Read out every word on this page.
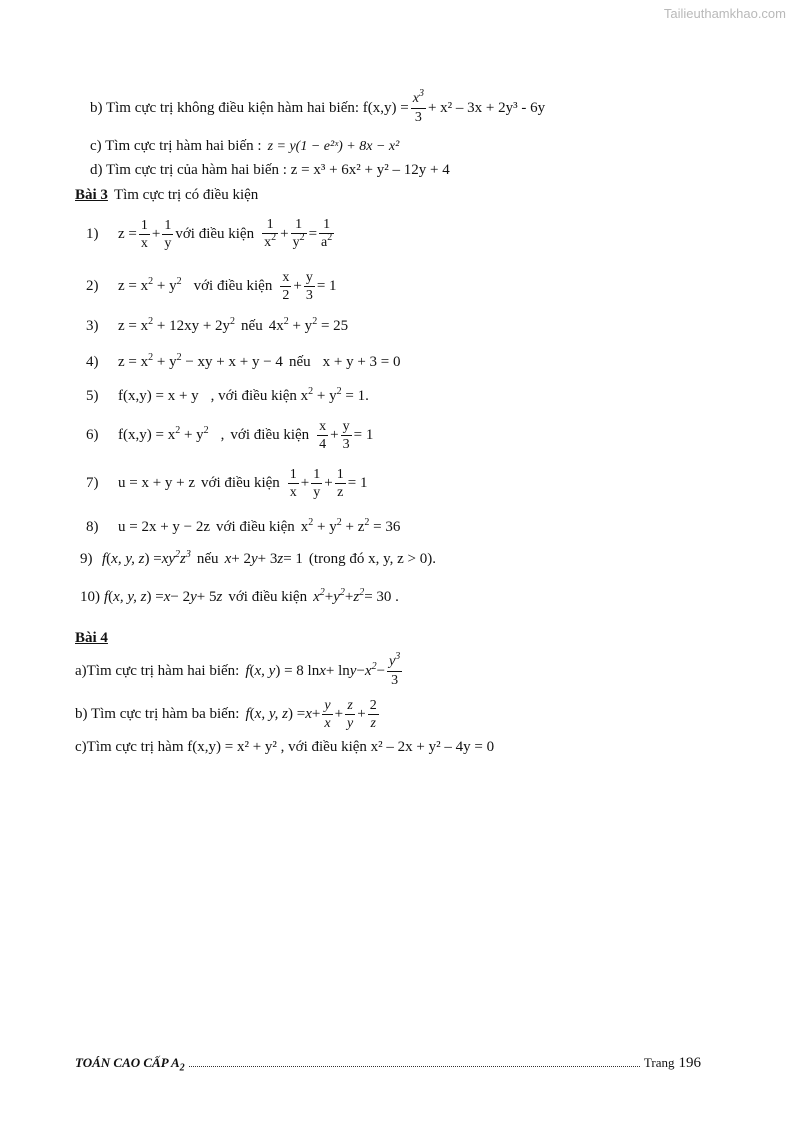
Tailieuthamkhao.com
b) Tìm cực trị không điều kiện hàm hai biến: $f(x,y) = \frac{x^3}{3} + x^2 - 3x + 2y^3 - 6y$
c) Tìm cực trị hàm hai biến : z = y(1 − e²ˣ) + 8x − x²
d) Tìm cực trị của hàm hai biến : z = x³ + 6x² + y² – 12y + 4
Bài 3 Tìm cực trị có điều kiện
1)	$z = \frac{1}{x} + \frac{1}{y}$ với điều kiện $\frac{1}{x^2} + \frac{1}{y^2} = \frac{1}{a^2}$
2)	$z = x^2 + y^2$ với điều kiện $\frac{x}{2} + \frac{y}{3} = 1$
3)	$z = x^2 + 12xy + 2y^2$ nếu $4x^2 + y^2 = 25$
4)	$z = x^2 + y^2$ − xy + x + y − 4 nếu x + y + 3 = 0
5)	f(x,y) = x + y , với điều kiện $x^2 + y^2 = 1$.
6)	$f(x,y) = x^2 + y^2$ , với điều kiện $\frac{x}{4} + \frac{y}{3} = 1$
7)	u = x + y + z với điều kiện $\frac{1}{x} + \frac{1}{y} + \frac{1}{z} = 1$
8)	u = 2x + y − 2z với điều kiện $x^2 + y^2 + z^2 = 36$
9) f ( x, y, z ) = $xy^2z^3$ nếu x + 2 y + 3 z = 1 (trong đó x, y, z > 0).
10) f ( x, y, z ) = x − 2 y + 5 z với điều kiện $x^2 + y^2 + z^2 = 30$ .
Bài 4
a)Tìm cực trị hàm hai biến: f ( x, y ) = 8 $\ln x + \ln y - x^2 - \frac{y^3}{3}$
b) Tìm cực trị hàm ba biến: f ( x, y, z ) = $x + \frac{y}{x} + \frac{z}{y} + \frac{2}{z}$
c)Tìm cực trị hàm f(x,y) = x² + y² , với điều kiện x² – 2x + y² – 4y = 0
TOÁN CAO CẤP $A_2$	Trang 196
